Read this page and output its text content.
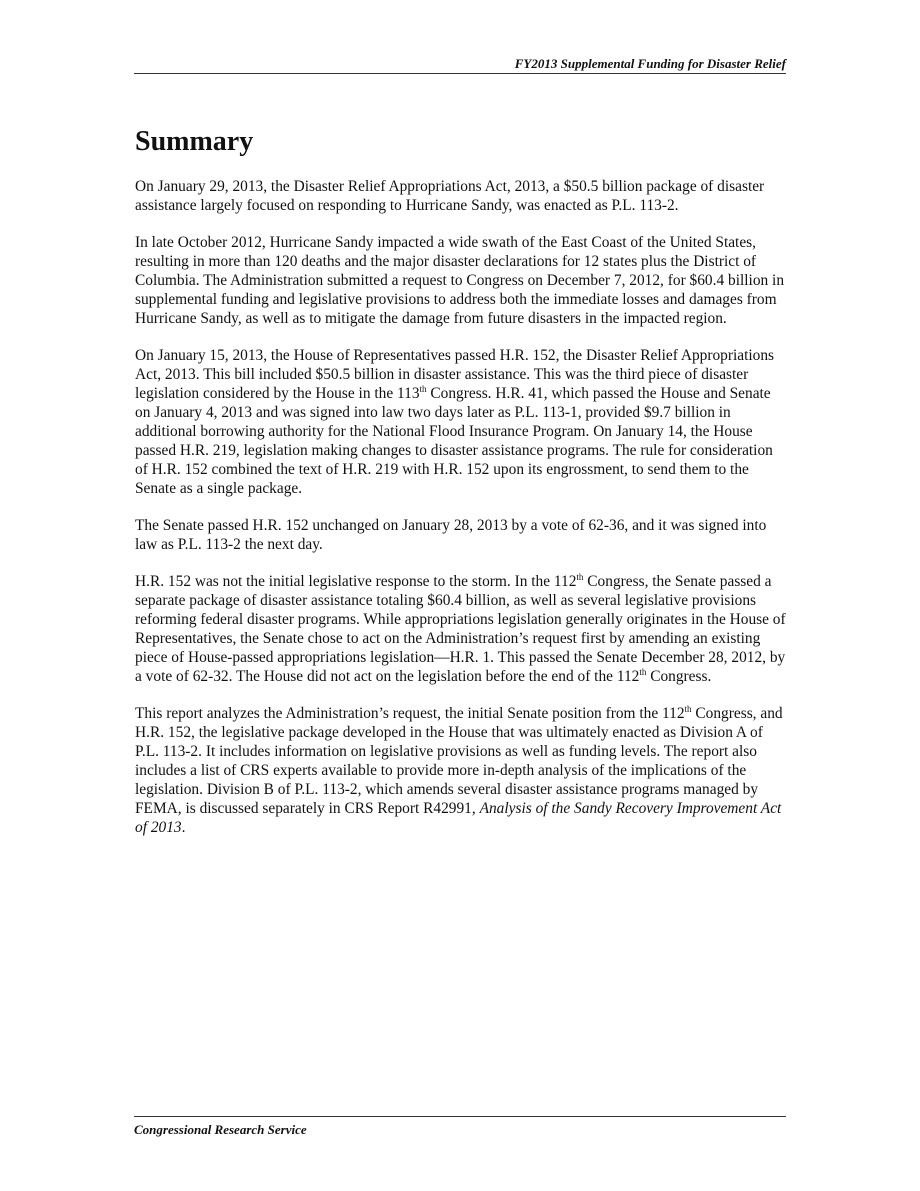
FY2013 Supplemental Funding for Disaster Relief
Summary

On January 29, 2013, the Disaster Relief Appropriations Act, 2013, a $50.5 billion package of disaster assistance largely focused on responding to Hurricane Sandy, was enacted as P.L. 113-2.

In late October 2012, Hurricane Sandy impacted a wide swath of the East Coast of the United States, resulting in more than 120 deaths and the major disaster declarations for 12 states plus the District of Columbia. The Administration submitted a request to Congress on December 7, 2012, for $60.4 billion in supplemental funding and legislative provisions to address both the immediate losses and damages from Hurricane Sandy, as well as to mitigate the damage from future disasters in the impacted region.

On January 15, 2013, the House of Representatives passed H.R. 152, the Disaster Relief Appropriations Act, 2013. This bill included $50.5 billion in disaster assistance. This was the third piece of disaster legislation considered by the House in the 113th Congress. H.R. 41, which passed the House and Senate on January 4, 2013 and was signed into law two days later as P.L. 113-1, provided $9.7 billion in additional borrowing authority for the National Flood Insurance Program. On January 14, the House passed H.R. 219, legislation making changes to disaster assistance programs. The rule for consideration of H.R. 152 combined the text of H.R. 219 with H.R. 152 upon its engrossment, to send them to the Senate as a single package.

The Senate passed H.R. 152 unchanged on January 28, 2013 by a vote of 62-36, and it was signed into law as P.L. 113-2 the next day.

H.R. 152 was not the initial legislative response to the storm. In the 112th Congress, the Senate passed a separate package of disaster assistance totaling $60.4 billion, as well as several legislative provisions reforming federal disaster programs. While appropriations legislation generally originates in the House of Representatives, the Senate chose to act on the Administration’s request first by amending an existing piece of House-passed appropriations legislation—H.R. 1. This passed the Senate December 28, 2012, by a vote of 62-32. The House did not act on the legislation before the end of the 112th Congress.

This report analyzes the Administration’s request, the initial Senate position from the 112th Congress, and H.R. 152, the legislative package developed in the House that was ultimately enacted as Division A of P.L. 113-2. It includes information on legislative provisions as well as funding levels. The report also includes a list of CRS experts available to provide more in-depth analysis of the implications of the legislation. Division B of P.L. 113-2, which amends several disaster assistance programs managed by FEMA, is discussed separately in CRS Report R42991, Analysis of the Sandy Recovery Improvement Act of 2013.

Congressional Research Service
